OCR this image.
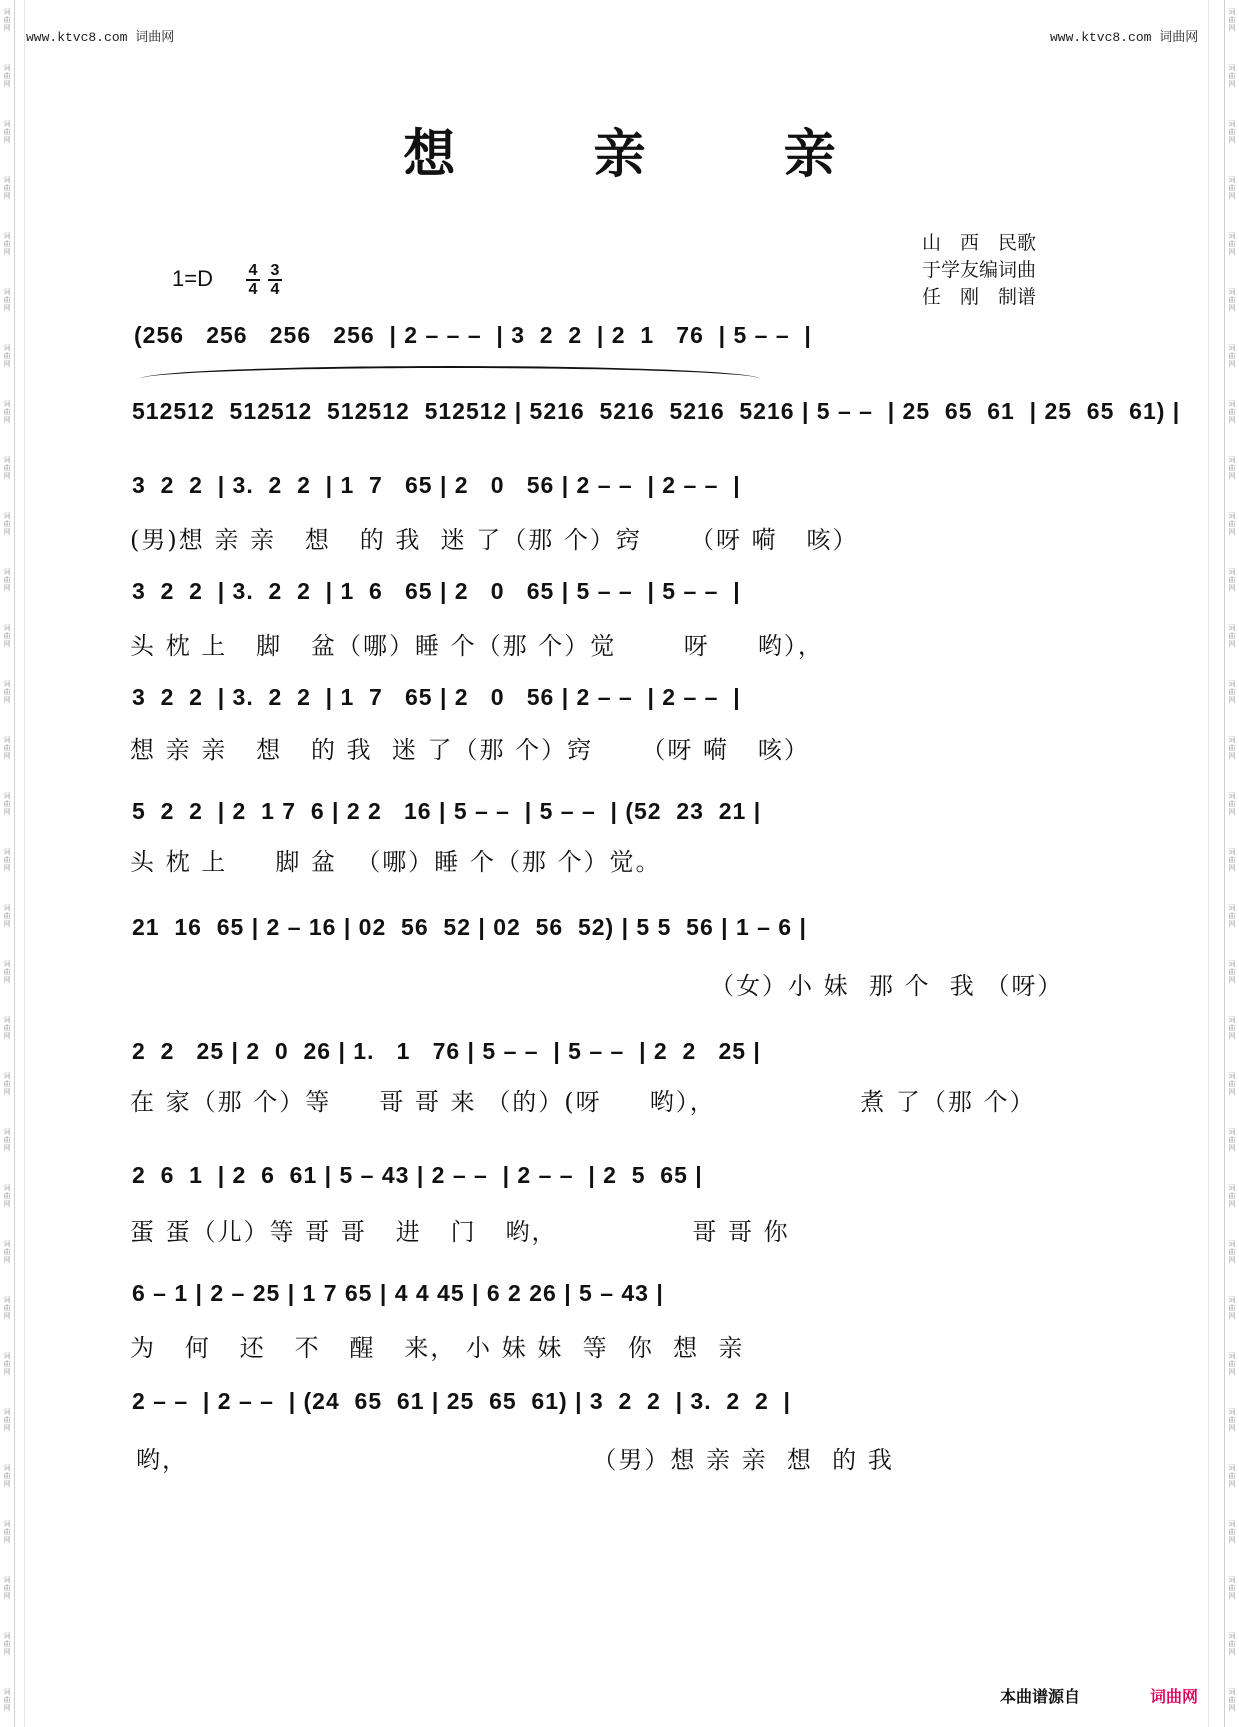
词
曲
网
词
曲
网
词
曲
网
词
曲
网
词
曲
网
词
曲
网
词
曲
网
词
曲
网
词
曲
网
词
曲
网
词
曲
网
词
曲
网
词
曲
网
词
曲
网
词
曲
网
词
曲
网
词
曲
网
词
曲
网
词
曲
网
词
曲
网
词
曲
网
词
曲
网
词
曲
网
词
曲
网
词
曲
网
词
曲
网
词
曲
网
词
曲
网
词
曲
网
词
曲
网
词
曲
网
词
曲
网
词
曲
网
词
曲
网
词
曲
网
词
曲
网
词
曲
网
词
曲
网
词
曲
网
词
曲
网
词
曲
网
词
曲
网
词
曲
网
词
曲
网
词
曲
网
词
曲
网
词
曲
网
词
曲
网
词
曲
网
词
曲
网
词
曲
网
词
曲
网
词
曲
网
词
曲
网
词
曲
网
词
曲
网
词
曲
网
词
曲
网
词
曲
网
词
曲
网
词
曲
网
词
曲
网
www.ktvc8.com 词曲网	www.ktvc8.com 词曲网
想 亲 亲
山　西　民歌
于学友编词曲
任　刚　制谱
$1=D \frac{4}{4} \frac{3}{4}$
(256   256   256   256  | 2 – – –  | 3  2  2  | 2  1   76  | 5 – –  |
512512  512512  512512  512512 | 5216  5216  5216  5216 | 5 – –  | 25  65  61  | 25  65  61) |
3  2  2  | 3.  2  2  | 1  7   65 | 2   0   56 | 2 – –  | 2 – –  |
(男)想 亲 亲   想   的 我  迷 了（那 个）窍     （呀 嗬   咳）
3  2  2  | 3.  2  2  | 1  6   65 | 2   0   65 | 5 – –  | 5 – –  |
头 枕 上   脚   盆（哪）睡 个（那 个）觉       呀     哟），
3  2  2  | 3.  2  2  | 1  7   65 | 2   0   56 | 2 – –  | 2 – –  |
想 亲 亲   想   的 我  迷 了（那 个）窍     （呀 嗬   咳）
5  2  2  | 2  1 7  6 | 2 2   16 | 5 – –  | 5 – –  | (52  23  21 |
头 枕 上     脚 盆  （哪）睡 个（那 个）觉。
21  16  65 | 2 – 16 | 02  56  52 | 02  56  52) | 5 5  56 | 1 – 6 |
（女）小 妹  那 个  我 （呀）
2  2   25 | 2  0  26 | 1.   1   76 | 5 – –  | 5 – –  | 2  2   25 |
在 家（那 个）等     哥 哥 来 （的）(呀     哟），               煮 了（那 个）
2  6  1  | 2  6  61 | 5 – 43 | 2 – –  | 2 – –  | 2  5  65 |
蛋 蛋（儿）等 哥 哥   进   门   哟，              哥 哥 你
6 – 1 | 2 – 25 | 1 7 65 | 4 4 45 | 6 2 26 | 5 – 43 |
为   何   还   不   醒   来， 小 妹 妹  等  你  想  亲
2 – –  | 2 – –  | (24  65  61 | 25  65  61) | 3  2  2  | 3.  2  2  |
哟，                                          （男）想 亲 亲  想  的 我
本曲谱源自	词曲网
